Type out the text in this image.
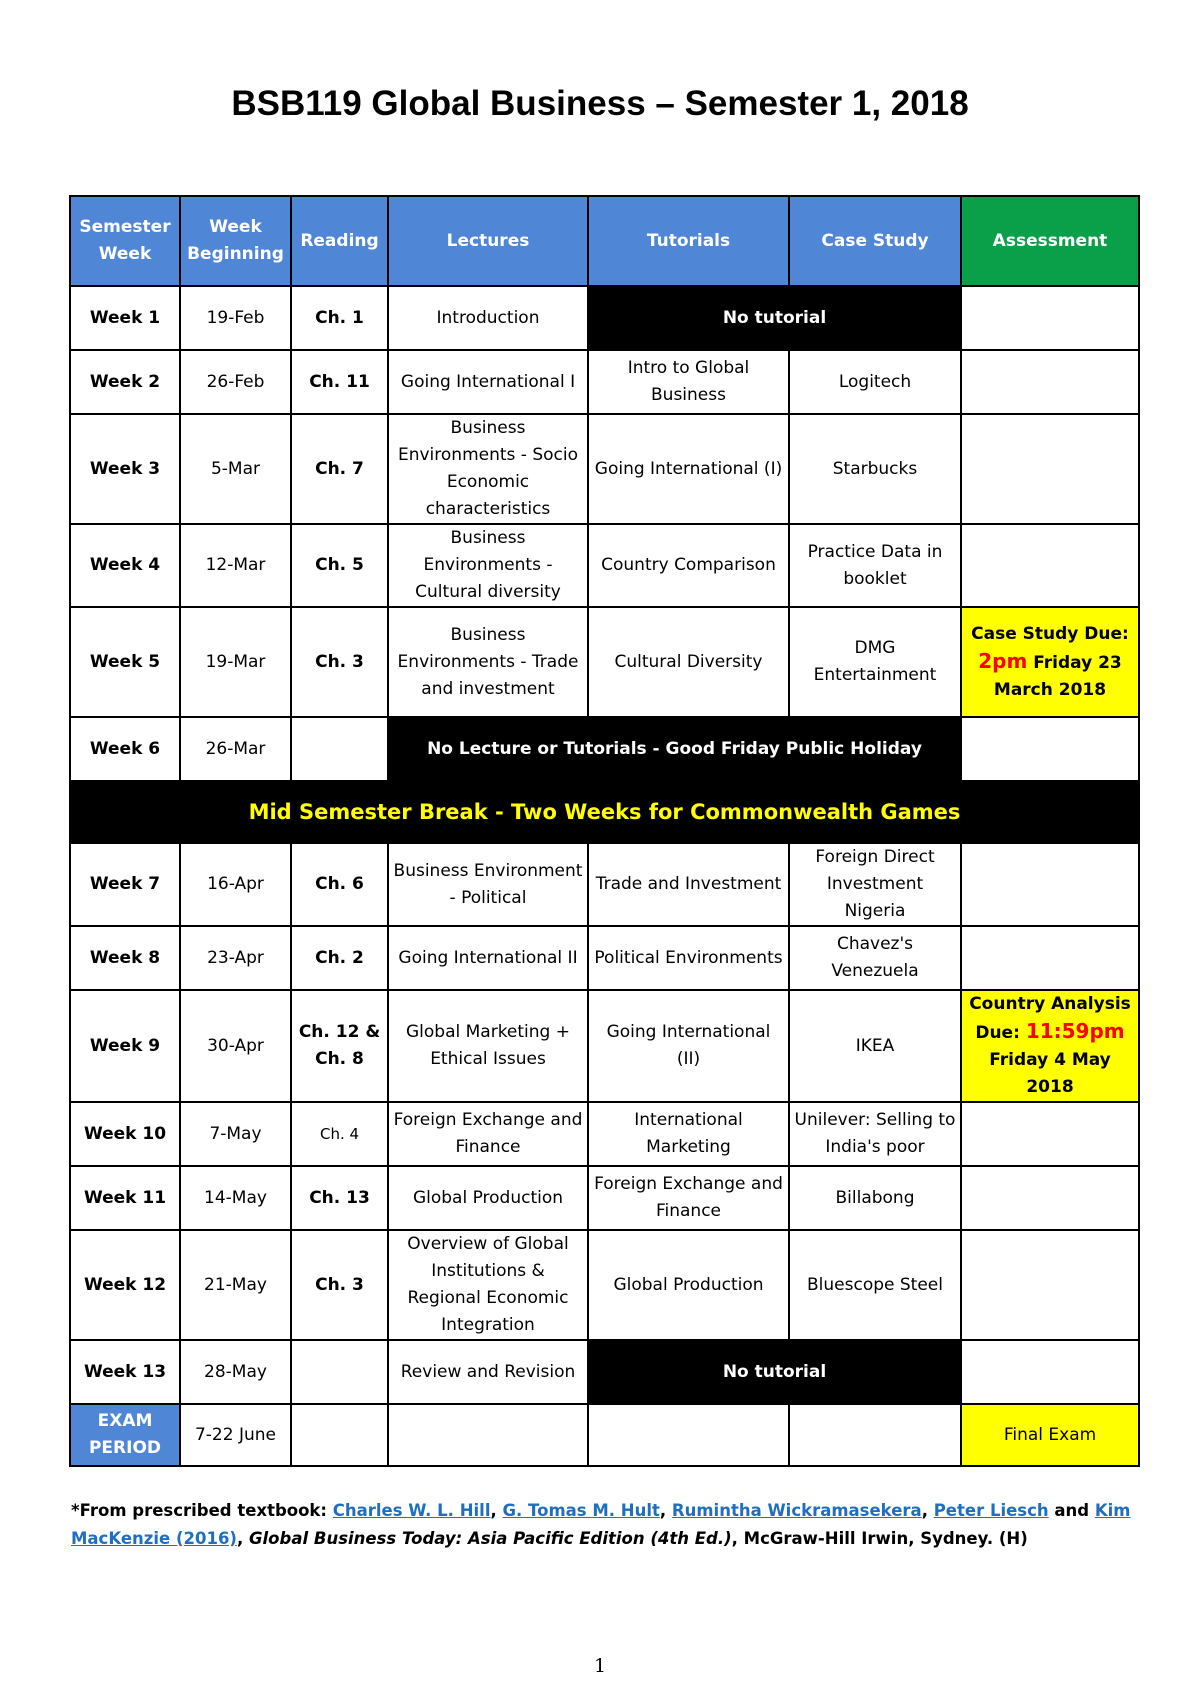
BSB119 Global Business – Semester 1, 2018
Semester Week	Week Beginning	Reading	Lectures	Tutorials	Case Study	Assessment
Week 1	19-Feb	Ch. 1	Introduction	No tutorial		
Week 2	26-Feb	Ch. 11	Going International I	Intro to Global Business	Logitech	
Week 3	5-Mar	Ch. 7	Business Environments - Socio Economic characteristics	Going International (I)	Starbucks	
Week 4	12-Mar	Ch. 5	Business Environments - Cultural diversity	Country Comparison	Practice Data in booklet	
Week 5	19-Mar	Ch. 3	Business Environments - Trade and investment	Cultural Diversity	DMG Entertainment	Case Study Due:
2pm Friday 23 March 2018
Week 6	26-Mar		No Lecture or Tutorials - Good Friday Public Holiday			
Mid Semester Break - Two Weeks for Commonwealth Games						
Week 7	16-Apr	Ch. 6	Business Environment - Political	Trade and Investment	Foreign Direct Investment Nigeria	
Week 8	23-Apr	Ch. 2	Going International II	Political Environments	Chavez's Venezuela	
Week 9	30-Apr	Ch. 12 & Ch. 8	Global Marketing + Ethical Issues	Going International (II)	IKEA	Country Analysis
Due: 11:59pm
Friday 4 May 2018
Week 10	7-May	Ch. 4	Foreign Exchange and Finance	International Marketing	Unilever: Selling to India's poor	
Week 11	14-May	Ch. 13	Global Production	Foreign Exchange and Finance	Billabong	
Week 12	21-May	Ch. 3	Overview of Global Institutions & Regional Economic Integration	Global Production	Bluescope Steel	
Week 13	28-May		Review and Revision	No tutorial		
EXAM PERIOD	7-22 June					Final Exam
*From prescribed textbook: Charles W. L. Hill, G. Tomas M. Hult, Rumintha Wickramasekera, Peter Liesch and Kim MacKenzie (2016), Global Business Today: Asia Pacific Edition (4th Ed.), McGraw-Hill Irwin, Sydney. (H)
1
